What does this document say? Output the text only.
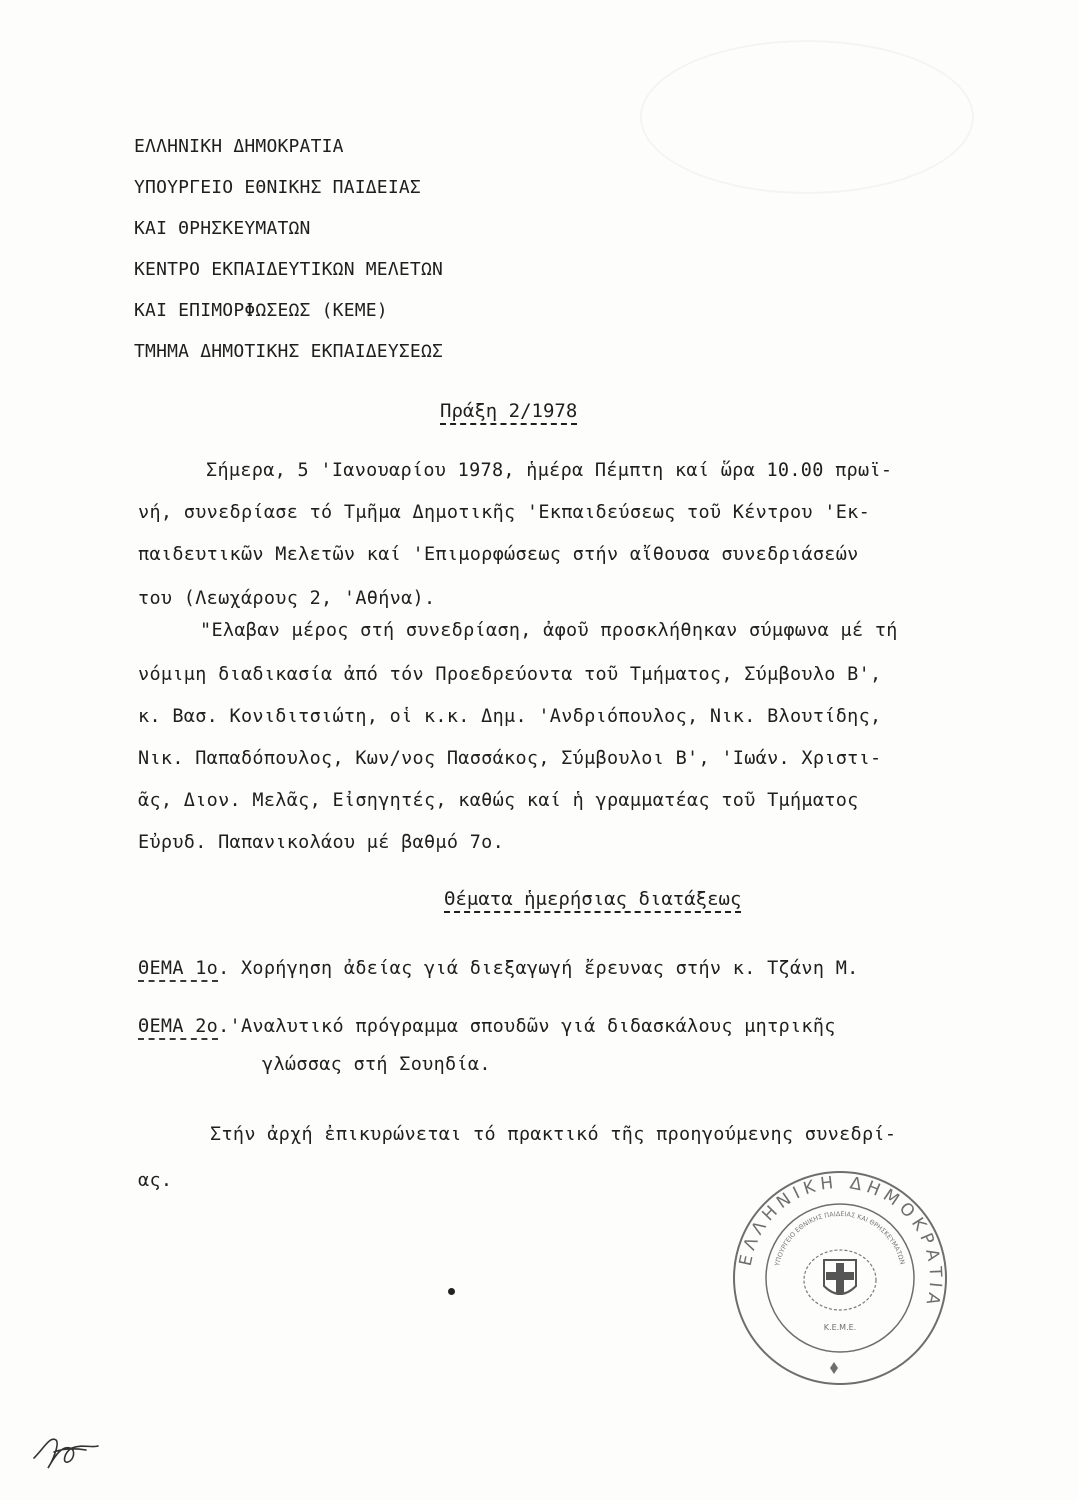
ΕΛΛΗΝΙΚΗ ΔΗΜΟΚΡΑΤΙΑ
ΥΠΟΥΡΓΕΙΟ ΕΘΝΙΚΗΣ ΠΑΙΔΕΙΑΣ
ΚΑΙ ΘΡΗΣΚΕΥΜΑΤΩΝ
ΚΕΝΤΡΟ ΕΚΠΑΙΔΕΥΤΙΚΩΝ ΜΕΛΕΤΩΝ
ΚΑΙ ΕΠΙΜΟΡΦΩΣΕΩΣ (ΚΕΜΕ)
ΤΜΗΜΑ ΔΗΜΟΤΙΚΗΣ ΕΚΠΑΙΔΕΥΣΕΩΣ
Πράξη 2/1978
Σήμερα, 5 'Ιανουαρίου 1978, ἡμέρα Πέμπτη καί ὥρα 10.00 πρωϊ-
νή, συνεδρίασε τό Τμῆμα Δημοτικῆς 'Εκπαιδεύσεως τοῦ Κέντρου 'Εκ-
παιδευτικῶν Μελετῶν καί 'Επιμορφώσεως στήν αἴθουσα συνεδριάσεών
του (Λεωχάρους 2, 'Αθήνα).
"Ελαβαν μέρος στή συνεδρίαση, ἀφοῦ προσκλήθηκαν σύμφωνα μέ τή
νόμιμη διαδικασία ἀπό τόν Προεδρεύοντα τοῦ Τμήματος, Σύμβουλο Β',
κ. Βασ. Κονιδιτσιώτη, οἱ κ.κ. Δημ. 'Ανδριόπουλος, Νικ. Βλουτίδης,
Νικ. Παπαδόπουλος, Κων/νος Πασσάκος, Σύμβουλοι Β', 'Ιωάν. Χριστι-
ᾶς, Διον. Μελᾶς, Εἰσηγητές, καθώς καί ἡ γραμματέας τοῦ Τμήματος
Εὐρυδ. Παπανικολάου μέ βαθμό 7ο.
Θέματα ἡμερήσιας διατάξεως
ΘΕΜΑ 1ο. Χορήγηση ἀδείας γιά διεξαγωγή ἔρευνας στήν κ. Τζάνη Μ.
ΘΕΜΑ 2ο.'Αναλυτικό πρόγραμμα σπουδῶν γιά διδασκάλους μητρικῆς
γλώσσας στή Σουηδία.
Στήν ἀρχή ἐπικυρώνεται τό πρακτικό τῆς προηγούμενης συνεδρί-
ας.
ΕΛΛΗΝΙΚΗ ΔΗΜΟΚΡΑΤΙΑ
ΥΠΟΥΡΓΕΙΟ ΕΘΝΙΚΗΣ ΠΑΙΔΕΙΑΣ ΚΑΙ ΘΡΗΣΚΕΥΜΑΤΩΝ
Κ.Ε.Μ.Ε.
